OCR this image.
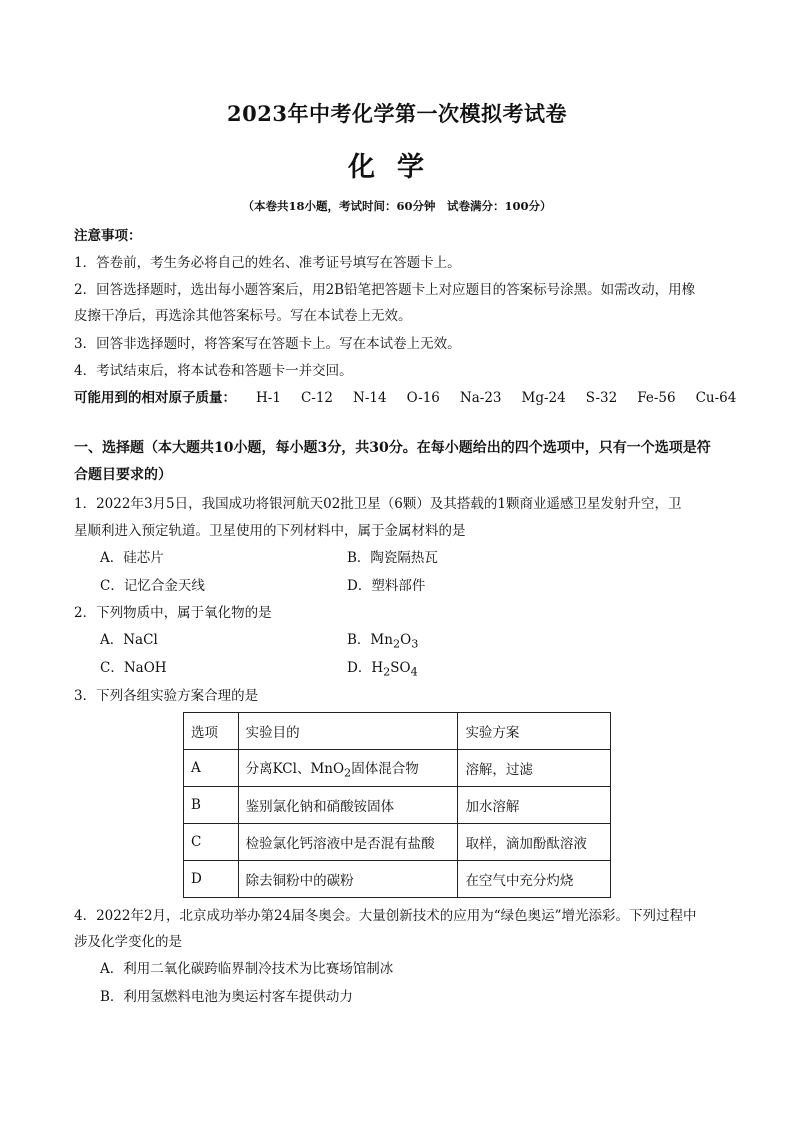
2023年中考化学第一次模拟考试卷
化学
（本卷共18小题，考试时间：60分钟　试卷满分：100分）
注意事项：
1．答卷前，考生务必将自己的姓名、准考证号填写在答题卡上。
2．回答选择题时，选出每小题答案后，用2B铅笔把答题卡上对应题目的答案标号涂黑。如需改动，用橡
皮擦干净后，再选涂其他答案标号。写在本试卷上无效。
3．回答非选择题时，将答案写在答题卡上。写在本试卷上无效。
4．考试结束后，将本试卷和答题卡一并交回。
可能用到的相对原子质量： H-1 C-12 N-14 O-16 Na-23 Mg-24 S-32 Fe-56 Cu-64
一、选择题（本大题共10小题，每小题3分，共30分。在每小题给出的四个选项中，只有一个选项是符
合题目要求的）
1．2022年3月5日，我国成功将银河航天02批卫星（6颗）及其搭载的1颗商业遥感卫星发射升空，卫
星顺利进入预定轨道。卫星使用的下列材料中，属于金属材料的是
A．硅芯片	B．陶瓷隔热瓦
C．记忆合金天线	D．塑料部件
2．下列物质中，属于氧化物的是
A．NaCl	B．$Mn_2O_3$
C．NaOH	D．$H_2SO_4$
3．下列各组实验方案合理的是
选项	实验目的	实验方案
A	分离KCl、MnO$_2$固体混合物	溶解，过滤
B	鉴别氯化钠和硝酸铵固体	加水溶解
C	检验氯化钙溶液中是否混有盐酸	取样，滴加酚酞溶液
D	除去铜粉中的碳粉	在空气中充分灼烧
4．2022年2月，北京成功举办第24届冬奥会。大量创新技术的应用为“绿色奥运”增光添彩。下列过程中
涉及化学变化的是
A．利用二氧化碳跨临界制冷技术为比赛场馆制冰
B．利用氢燃料电池为奥运村客车提供动力
